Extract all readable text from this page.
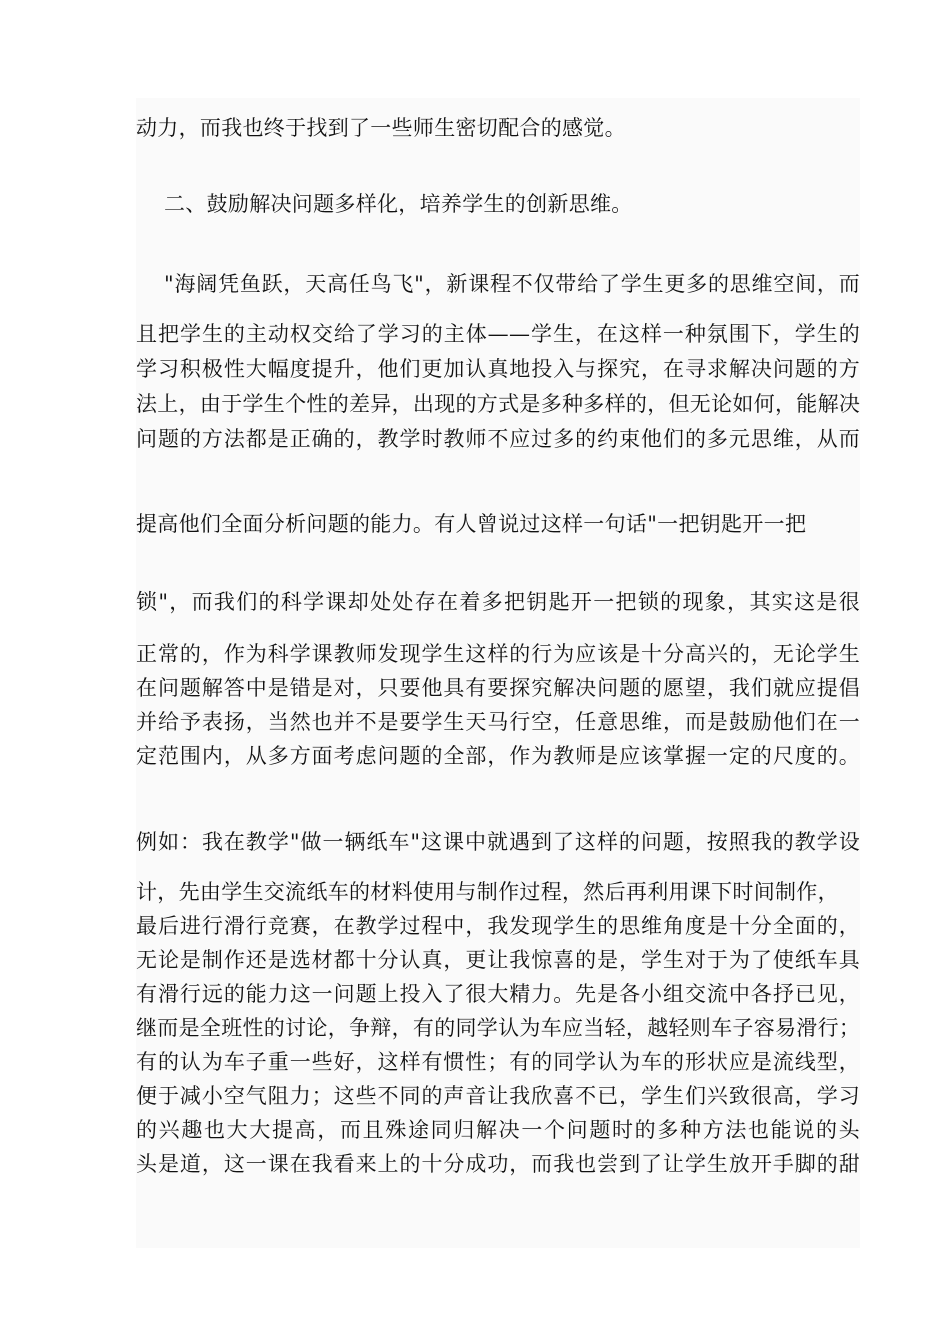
动力，而我也终于找到了一些师生密切配合的感觉。
二、鼓励解决问题多样化，培养学生的创新思维。
"海阔凭鱼跃，天高任鸟飞"，新课程不仅带给了学生更多的思维空间，而
且把学生的主动权交给了学习的主体——学生，在这样一种氛围下，学生的
学习积极性大幅度提升，他们更加认真地投入与探究，在寻求解决问题的方
法上，由于学生个性的差异，出现的方式是多种多样的，但无论如何，能解决
问题的方法都是正确的，教学时教师不应过多的约束他们的多元思维，从而
提高他们全面分析问题的能力。有人曾说过这样一句话"一把钥匙开一把
锁"，而我们的科学课却处处存在着多把钥匙开一把锁的现象，其实这是很
正常的，作为科学课教师发现学生这样的行为应该是十分高兴的，无论学生
在问题解答中是错是对，只要他具有要探究解决问题的愿望，我们就应提倡
并给予表扬，当然也并不是要学生天马行空，任意思维，而是鼓励他们在一
定范围内，从多方面考虑问题的全部，作为教师是应该掌握一定的尺度的。
例如：我在教学"做一辆纸车"这课中就遇到了这样的问题，按照我的教学设
计，先由学生交流纸车的材料使用与制作过程，然后再利用课下时间制作，
最后进行滑行竞赛，在教学过程中，我发现学生的思维角度是十分全面的，
无论是制作还是选材都十分认真，更让我惊喜的是，学生对于为了使纸车具
有滑行远的能力这一问题上投入了很大精力。先是各小组交流中各抒已见，
继而是全班性的讨论，争辩，有的同学认为车应当轻，越轻则车子容易滑行；
有的认为车子重一些好，这样有惯性；有的同学认为车的形状应是流线型，
便于减小空气阻力；这些不同的声音让我欣喜不已，学生们兴致很高，学习
的兴趣也大大提高，而且殊途同归解决一个问题时的多种方法也能说的头
头是道，这一课在我看来上的十分成功，而我也尝到了让学生放开手脚的甜
